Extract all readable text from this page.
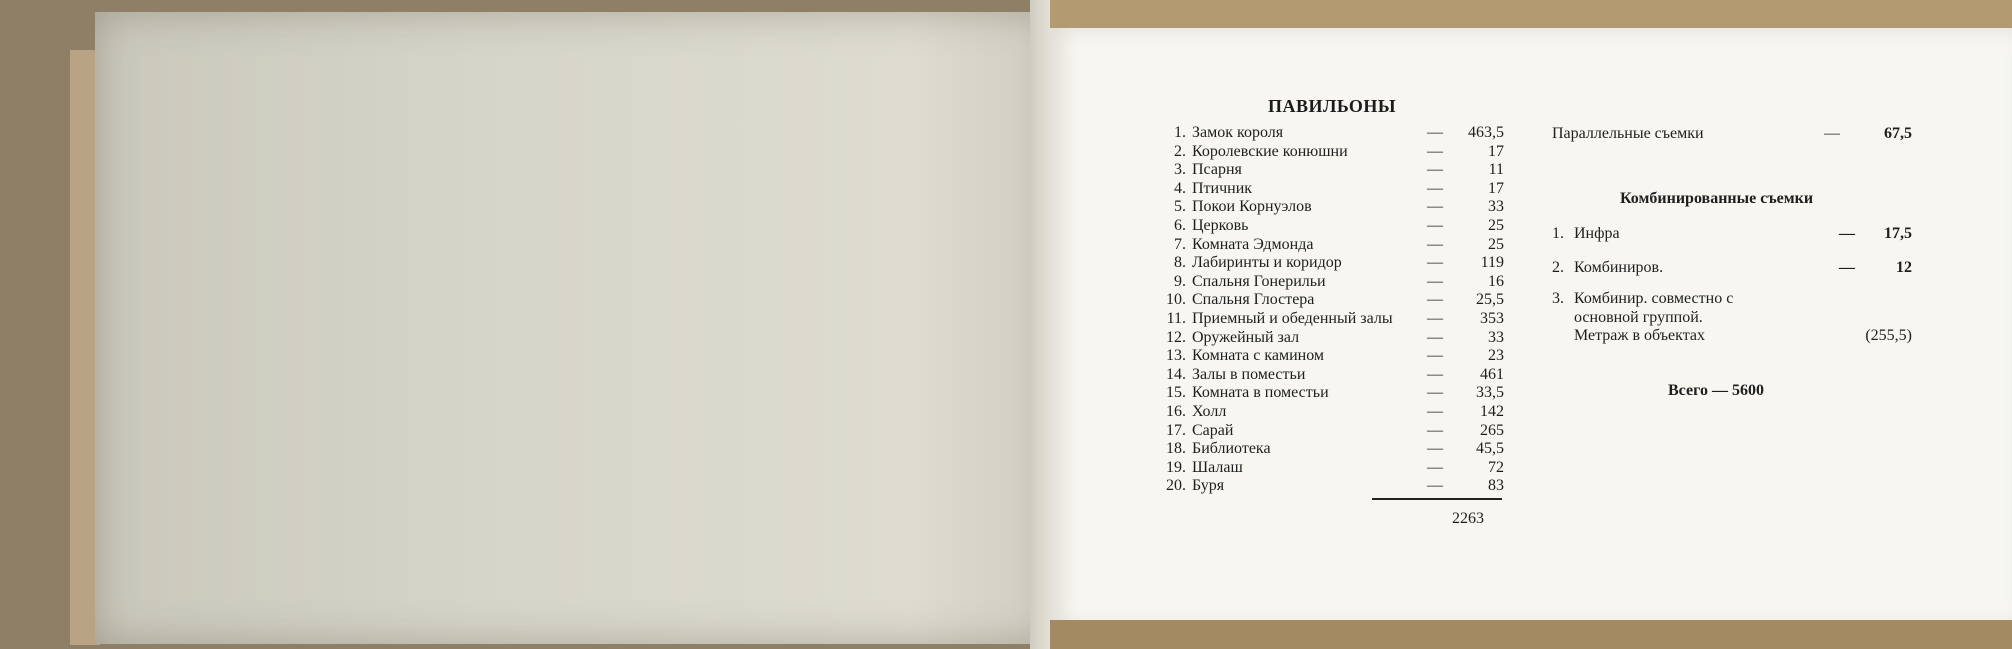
ПАВИЛЬОНЫ
1. Замок короля	—	463,5
2. Королевские конюшни	—	17
3. Псарня	—	11
4. Птичник	—	17
5. Покои Корнуэлов	—	33
6. Церковь	—	25
7. Комната Эдмонда	—	25
8. Лабиринты и коридор	—	119
9. Спальня Гонерильи	—	16
10. Спальня Глостера	—	25,5
11. Приемный и обеденный залы	—	353
12. Оружейный зал	—	33
13. Комната с камином	—	23
14. Залы в поместьи	—	461
15. Комната в поместьи	—	33,5
16. Холл	—	142
17. Сарай	—	265
18. Библиотека	—	45,5
19. Шалаш	—	72
20. Буря	—	83
2263
Параллельные съемки	—	67,5
Комбинированные съемки
1. Инфра	—	17,5
2. Комбиниров.	—	12
3. Комбинир. совместно с
основной группой.
Метраж в объектах	(255,5)
Всего — 5600
